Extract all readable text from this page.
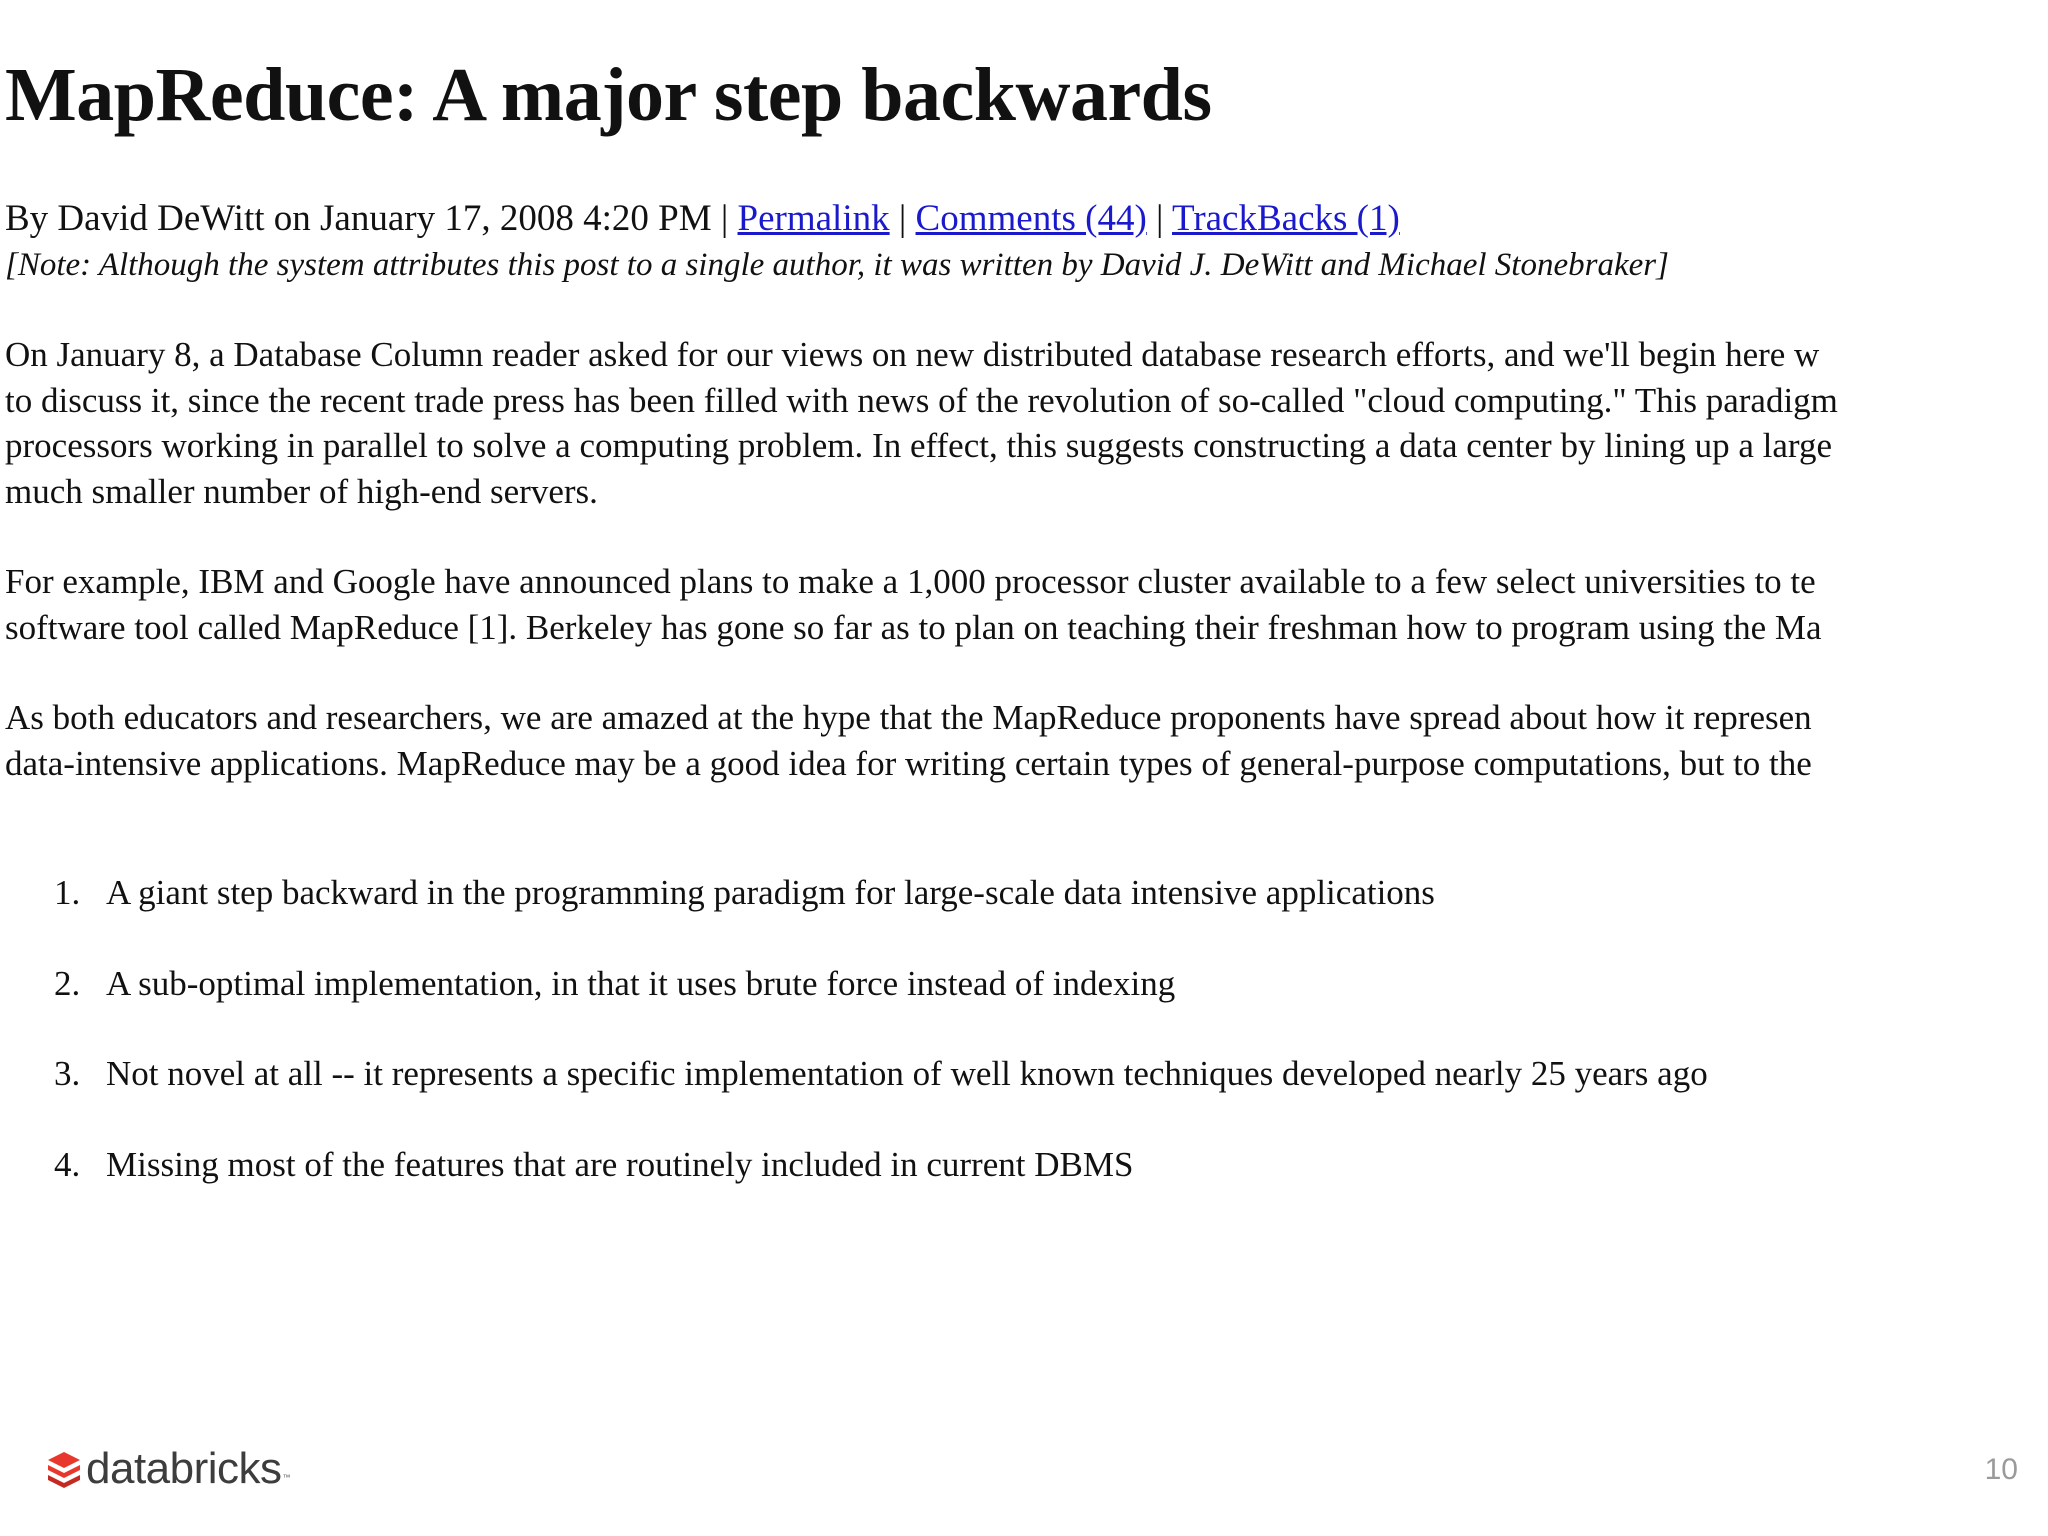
MapReduce: A major step backwards
By David DeWitt on January 17, 2008 4:20 PM | Permalink | Comments (44) | TrackBacks (1)
[Note: Although the system attributes this post to a single author, it was written by David J. DeWitt and Michael Stonebraker]

On January 8, a Database Column reader asked for our views on new distributed database research efforts, and we'll begin here w
to discuss it, since the recent trade press has been filled with news of the revolution of so-called "cloud computing." This paradigm
processors working in parallel to solve a computing problem. In effect, this suggests constructing a data center by lining up a large
much smaller number of high-end servers.

For example, IBM and Google have announced plans to make a 1,000 processor cluster available to a few select universities to te
software tool called MapReduce [1]. Berkeley has gone so far as to plan on teaching their freshman how to program using the Ma

As both educators and researchers, we are amazed at the hype that the MapReduce proponents have spread about how it represen
data-intensive applications. MapReduce may be a good idea for writing certain types of general-purpose computations, but to the

1. A giant step backward in the programming paradigm for large-scale data intensive applications
2. A sub-optimal implementation, in that it uses brute force instead of indexing
3. Not novel at all -- it represents a specific implementation of well known techniques developed nearly 25 years ago
4. Missing most of the features that are routinely included in current DBMS
databricks ™	10
